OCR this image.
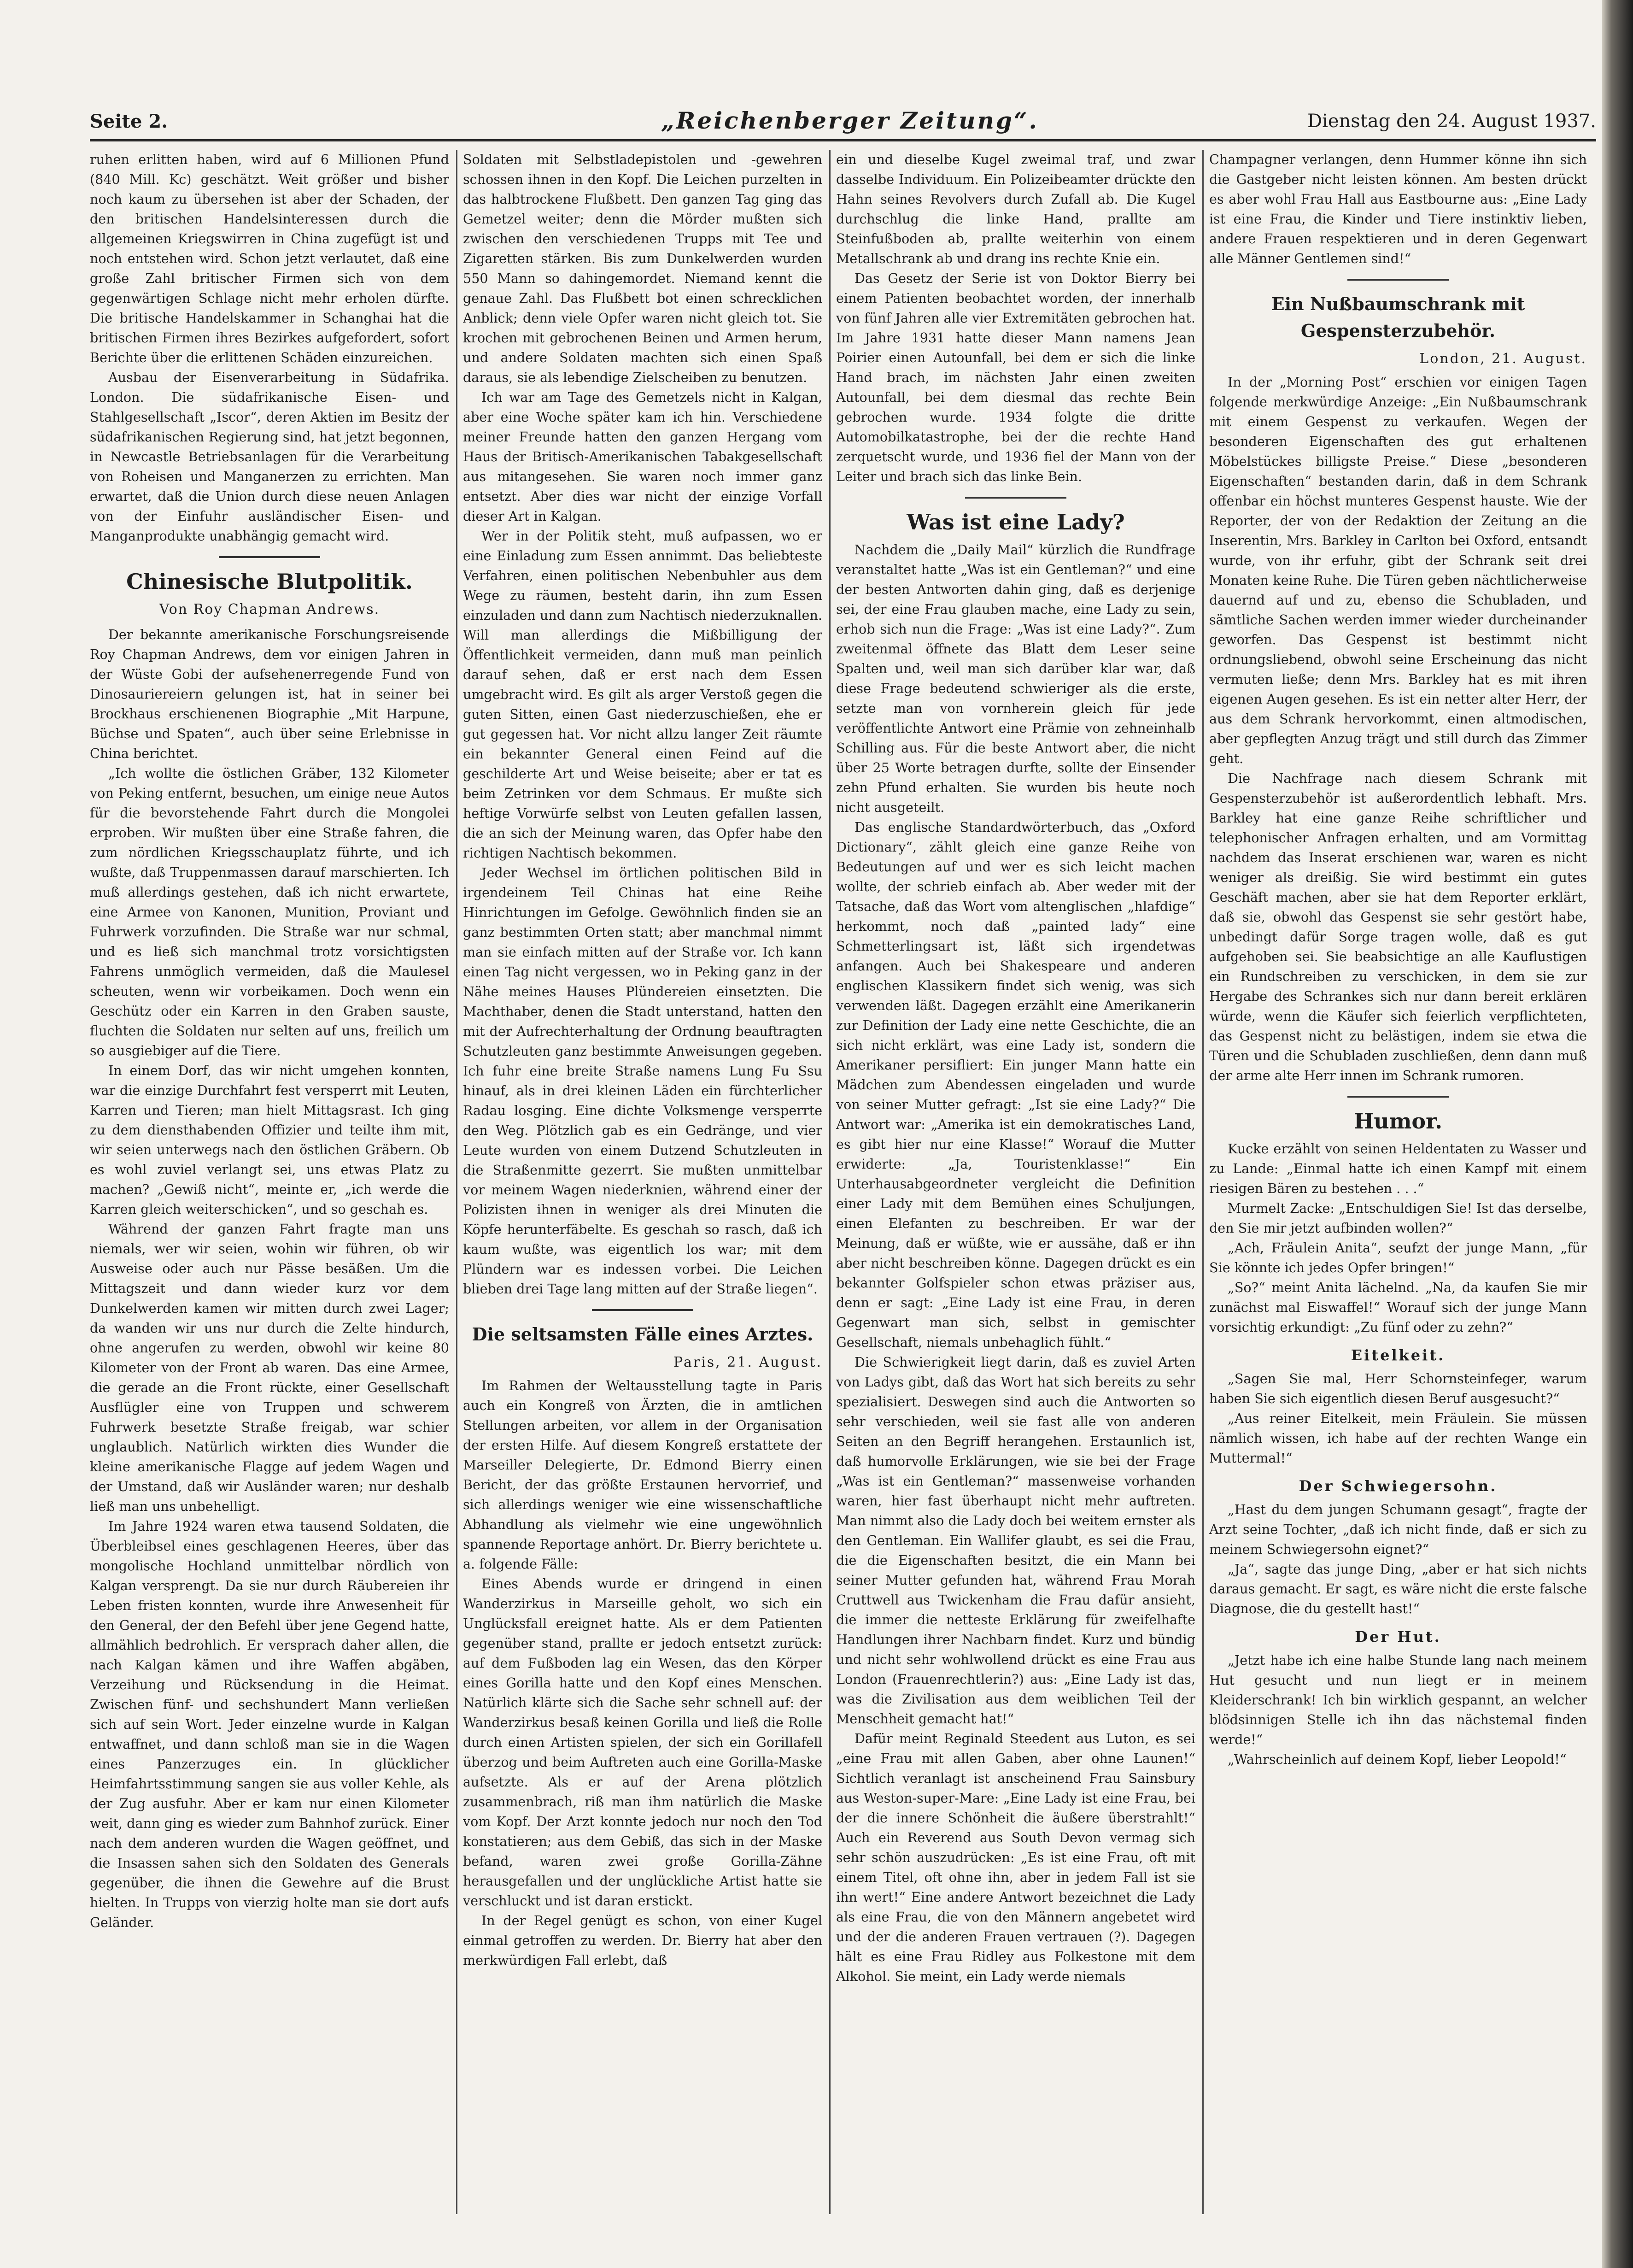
Seite 2.	„Reichenberger Zeitung“.	Dienstag den 24. August 1937.

ruhen erlitten haben, wird auf 6 Millionen Pfund (840 Mill. Kc) geschätzt. Weit größer und bisher noch kaum zu übersehen ist aber der Schaden, der den britischen Handelsinteressen durch die allgemeinen Kriegswirren in China zugefügt ist und noch entstehen wird. Schon jetzt verlautet, daß eine große Zahl britischer Firmen sich von dem gegenwärtigen Schlage nicht mehr erholen dürfte. Die britische Handelskammer in Schanghai hat die britischen Firmen ihres Bezirkes aufgefordert, sofort Berichte über die erlittenen Schäden einzureichen.

Ausbau der Eisenverarbeitung in Südafrika. London. Die südafrikanische Eisen- und Stahlgesellschaft „Iscor“, deren Aktien im Besitz der südafrikanischen Regierung sind, hat jetzt begonnen, in Newcastle Betriebsanlagen für die Verarbeitung von Roheisen und Manganerzen zu errichten. Man erwartet, daß die Union durch diese neuen Anlagen von der Einfuhr ausländischer Eisen- und Manganprodukte unabhängig gemacht wird.

Chinesische Blutpolitik.
Von Roy Chapman Andrews.

Der bekannte amerikanische Forschungsreisende Roy Chapman Andrews, dem vor einigen Jahren in der Wüste Gobi der aufsehenerregende Fund von Dinosauriereiern gelungen ist, hat in seiner bei Brockhaus erschienenen Biographie „Mit Harpune, Büchse und Spaten“, auch über seine Erlebnisse in China berichtet.

„Ich wollte die östlichen Gräber, 132 Kilometer von Peking entfernt, besuchen, um einige neue Autos für die bevorstehende Fahrt durch die Mongolei erproben. Wir mußten über eine Straße fahren, die zum nördlichen Kriegsschauplatz führte, und ich wußte, daß Truppenmassen darauf marschierten. Ich muß allerdings gestehen, daß ich nicht erwartete, eine Armee von Kanonen, Munition, Proviant und Fuhrwerk vorzufinden. Die Straße war nur schmal, und es ließ sich manchmal trotz vorsichtigsten Fahrens unmöglich vermeiden, daß die Maulesel scheuten, wenn wir vorbeikamen. Doch wenn ein Geschütz oder ein Karren in den Graben sauste, fluchten die Soldaten nur selten auf uns, freilich um so ausgiebiger auf die Tiere.

In einem Dorf, das wir nicht umgehen konnten, war die einzige Durchfahrt fest versperrt mit Leuten, Karren und Tieren; man hielt Mittagsrast. Ich ging zu dem diensthabenden Offizier und teilte ihm mit, wir seien unterwegs nach den östlichen Gräbern. Ob es wohl zuviel verlangt sei, uns etwas Platz zu machen? „Gewiß nicht“, meinte er, „ich werde die Karren gleich weiterschicken“, und so geschah es.

Während der ganzen Fahrt fragte man uns niemals, wer wir seien, wohin wir führen, ob wir Ausweise oder auch nur Pässe besäßen. Um die Mittagszeit und dann wieder kurz vor dem Dunkelwerden kamen wir mitten durch zwei Lager; da wanden wir uns nur durch die Zelte hindurch, ohne angerufen zu werden, obwohl wir keine 80 Kilometer von der Front ab waren. Das eine Armee, die gerade an die Front rückte, einer Gesellschaft Ausflügler eine von Truppen und schwerem Fuhrwerk besetzte Straße freigab, war schier unglaublich. Natürlich wirkten dies Wunder die kleine amerikanische Flagge auf jedem Wagen und der Umstand, daß wir Ausländer waren; nur deshalb ließ man uns unbehelligt.

Im Jahre 1924 waren etwa tausend Soldaten, die Überbleibsel eines geschlagenen Heeres, über das mongolische Hochland unmittelbar nördlich von Kalgan versprengt. Da sie nur durch Räubereien ihr Leben fristen konnten, wurde ihre Anwesenheit für den General, der den Befehl über jene Gegend hatte, allmählich bedrohlich. Er versprach daher allen, die nach Kalgan kämen und ihre Waffen abgäben, Verzeihung und Rücksendung in die Heimat. Zwischen fünf- und sechshundert Mann verließen sich auf sein Wort. Jeder einzelne wurde in Kalgan entwaffnet, und dann schloß man sie in die Wagen eines Panzerzuges ein. In glücklicher Heimfahrtsstimmung sangen sie aus voller Kehle, als der Zug ausfuhr. Aber er kam nur einen Kilometer weit, dann ging es wieder zum Bahnhof zurück. Einer nach dem anderen wurden die Wagen geöffnet, und die Insassen sahen sich den Soldaten des Generals gegenüber, die ihnen die Gewehre auf die Brust hielten. In Trupps von vierzig holte man sie dort aufs Geländer.

Soldaten mit Selbstladepistolen und -gewehren schossen ihnen in den Kopf. Die Leichen purzelten in das halbtrockene Flußbett. Den ganzen Tag ging das Gemetzel weiter; denn die Mörder mußten sich zwischen den verschiedenen Trupps mit Tee und Zigaretten stärken. Bis zum Dunkelwerden wurden 550 Mann so dahingemordet. Niemand kennt die genaue Zahl. Das Flußbett bot einen schrecklichen Anblick; denn viele Opfer waren nicht gleich tot. Sie krochen mit gebrochenen Beinen und Armen herum, und andere Soldaten machten sich einen Spaß daraus, sie als lebendige Zielscheiben zu benutzen.

Ich war am Tage des Gemetzels nicht in Kalgan, aber eine Woche später kam ich hin. Verschiedene meiner Freunde hatten den ganzen Hergang vom Haus der Britisch-Amerikanischen Tabakgesellschaft aus mitangesehen. Sie waren noch immer ganz entsetzt. Aber dies war nicht der einzige Vorfall dieser Art in Kalgan.

Wer in der Politik steht, muß aufpassen, wo er eine Einladung zum Essen annimmt. Das beliebteste Verfahren, einen politischen Nebenbuhler aus dem Wege zu räumen, besteht darin, ihn zum Essen einzuladen und dann zum Nachtisch niederzuknallen. Will man allerdings die Mißbilligung der Öffentlichkeit vermeiden, dann muß man peinlich darauf sehen, daß er erst nach dem Essen umgebracht wird. Es gilt als arger Verstoß gegen die guten Sitten, einen Gast niederzuschießen, ehe er gut gegessen hat. Vor nicht allzu langer Zeit räumte ein bekannter General einen Feind auf die geschilderte Art und Weise beiseite; aber er tat es beim Zetrinken vor dem Schmaus. Er mußte sich heftige Vorwürfe selbst von Leuten gefallen lassen, die an sich der Meinung waren, das Opfer habe den richtigen Nachtisch bekommen.

Jeder Wechsel im örtlichen politischen Bild in irgendeinem Teil Chinas hat eine Reihe Hinrichtungen im Gefolge. Gewöhnlich finden sie an ganz bestimmten Orten statt; aber manchmal nimmt man sie einfach mitten auf der Straße vor. Ich kann einen Tag nicht vergessen, wo in Peking ganz in der Nähe meines Hauses Plündereien einsetzten. Die Machthaber, denen die Stadt unterstand, hatten den mit der Aufrechterhaltung der Ordnung beauftragten Schutzleuten ganz bestimmte Anweisungen gegeben. Ich fuhr eine breite Straße namens Lung Fu Ssu hinauf, als in drei kleinen Läden ein fürchterlicher Radau losging. Eine dichte Volksmenge versperrte den Weg. Plötzlich gab es ein Gedränge, und vier Leute wurden von einem Dutzend Schutzleuten in die Straßenmitte gezerrt. Sie mußten unmittelbar vor meinem Wagen niederknien, während einer der Polizisten ihnen in weniger als drei Minuten die Köpfe herunterfäbelte. Es geschah so rasch, daß ich kaum wußte, was eigentlich los war; mit dem Plündern war es indessen vorbei. Die Leichen blieben drei Tage lang mitten auf der Straße liegen“.

Die seltsamsten Fälle eines Arztes.
Paris, 21. August.

Im Rahmen der Weltausstellung tagte in Paris auch ein Kongreß von Ärzten, die in amtlichen Stellungen arbeiten, vor allem in der Organisation der ersten Hilfe. Auf diesem Kongreß erstattete der Marseiller Delegierte, Dr. Edmond Bierry einen Bericht, der das größte Erstaunen hervorrief, und sich allerdings weniger wie eine wissenschaftliche Abhandlung als vielmehr wie eine ungewöhnlich spannende Reportage anhört. Dr. Bierry berichtete u. a. folgende Fälle:

Eines Abends wurde er dringend in einen Wanderzirkus in Marseille geholt, wo sich ein Unglücksfall ereignet hatte. Als er dem Patienten gegenüber stand, prallte er jedoch entsetzt zurück: auf dem Fußboden lag ein Wesen, das den Körper eines Gorilla hatte und den Kopf eines Menschen. Natürlich klärte sich die Sache sehr schnell auf: der Wanderzirkus besaß keinen Gorilla und ließ die Rolle durch einen Artisten spielen, der sich ein Gorillafell überzog und beim Auftreten auch eine Gorilla-Maske aufsetzte. Als er auf der Arena plötzlich zusammenbrach, riß man ihm natürlich die Maske vom Kopf. Der Arzt konnte jedoch nur noch den Tod konstatieren; aus dem Gebiß, das sich in der Maske befand, waren zwei große Gorilla-Zähne herausgefallen und der unglückliche Artist hatte sie verschluckt und ist daran erstickt.

In der Regel genügt es schon, von einer Kugel einmal getroffen zu werden. Dr. Bierry hat aber den merkwürdigen Fall erlebt, daß

ein und dieselbe Kugel zweimal traf, und zwar dasselbe Individuum. Ein Polizeibeamter drückte den Hahn seines Revolvers durch Zufall ab. Die Kugel durchschlug die linke Hand, prallte am Steinfußboden ab, prallte weiterhin von einem Metallschrank ab und drang ins rechte Knie ein.

Das Gesetz der Serie ist von Doktor Bierry bei einem Patienten beobachtet worden, der innerhalb von fünf Jahren alle vier Extremitäten gebrochen hat. Im Jahre 1931 hatte dieser Mann namens Jean Poirier einen Autounfall, bei dem er sich die linke Hand brach, im nächsten Jahr einen zweiten Autounfall, bei dem diesmal das rechte Bein gebrochen wurde. 1934 folgte die dritte Automobilkatastrophe, bei der die rechte Hand zerquetscht wurde, und 1936 fiel der Mann von der Leiter und brach sich das linke Bein.

Was ist eine Lady?

Nachdem die „Daily Mail“ kürzlich die Rundfrage veranstaltet hatte „Was ist ein Gentleman?“ und eine der besten Antworten dahin ging, daß es derjenige sei, der eine Frau glauben mache, eine Lady zu sein, erhob sich nun die Frage: „Was ist eine Lady?“. Zum zweitenmal öffnete das Blatt dem Leser seine Spalten und, weil man sich darüber klar war, daß diese Frage bedeutend schwieriger als die erste, setzte man von vornherein gleich für jede veröffentlichte Antwort eine Prämie von zehneinhalb Schilling aus. Für die beste Antwort aber, die nicht über 25 Worte betragen durfte, sollte der Einsender zehn Pfund erhalten. Sie wurden bis heute noch nicht ausgeteilt.

Das englische Standardwörterbuch, das „Oxford Dictionary“, zählt gleich eine ganze Reihe von Bedeutungen auf und wer es sich leicht machen wollte, der schrieb einfach ab. Aber weder mit der Tatsache, daß das Wort vom altenglischen „hlafdige“ herkommt, noch daß „painted lady“ eine Schmetterlingsart ist, läßt sich irgendetwas anfangen. Auch bei Shakespeare und anderen englischen Klassikern findet sich wenig, was sich verwenden läßt. Dagegen erzählt eine Amerikanerin zur Definition der Lady eine nette Geschichte, die an sich nicht erklärt, was eine Lady ist, sondern die Amerikaner persifliert: Ein junger Mann hatte ein Mädchen zum Abendessen eingeladen und wurde von seiner Mutter gefragt: „Ist sie eine Lady?“ Die Antwort war: „Amerika ist ein demokratisches Land, es gibt hier nur eine Klasse!“ Worauf die Mutter erwiderte: „Ja, Touristenklasse!“ Ein Unterhausabgeordneter vergleicht die Definition einer Lady mit dem Bemühen eines Schuljungen, einen Elefanten zu beschreiben. Er war der Meinung, daß er wüßte, wie er aussähe, daß er ihn aber nicht beschreiben könne. Dagegen drückt es ein bekannter Golfspieler schon etwas präziser aus, denn er sagt: „Eine Lady ist eine Frau, in deren Gegenwart man sich, selbst in gemischter Gesellschaft, niemals unbehaglich fühlt.“

Die Schwierigkeit liegt darin, daß es zuviel Arten von Ladys gibt, daß das Wort hat sich bereits zu sehr spezialisiert. Deswegen sind auch die Antworten so sehr verschieden, weil sie fast alle von anderen Seiten an den Begriff herangehen. Erstaunlich ist, daß humorvolle Erklärungen, wie sie bei der Frage „Was ist ein Gentleman?“ massenweise vorhanden waren, hier fast überhaupt nicht mehr auftreten. Man nimmt also die Lady doch bei weitem ernster als den Gentleman. Ein Wallifer glaubt, es sei die Frau, die die Eigenschaften besitzt, die ein Mann bei seiner Mutter gefunden hat, während Frau Morah Cruttwell aus Twickenham die Frau dafür ansieht, die immer die netteste Erklärung für zweifelhafte Handlungen ihrer Nachbarn findet. Kurz und bündig und nicht sehr wohlwollend drückt es eine Frau aus London (Frauenrechtlerin?) aus: „Eine Lady ist das, was die Zivilisation aus dem weiblichen Teil der Menschheit gemacht hat!“

Dafür meint Reginald Steedent aus Luton, es sei „eine Frau mit allen Gaben, aber ohne Launen!“ Sichtlich veranlagt ist anscheinend Frau Sainsbury aus Weston-super-Mare: „Eine Lady ist eine Frau, bei der die innere Schönheit die äußere überstrahlt!“ Auch ein Reverend aus South Devon vermag sich sehr schön auszudrücken: „Es ist eine Frau, oft mit einem Titel, oft ohne ihn, aber in jedem Fall ist sie ihn wert!“ Eine andere Antwort bezeichnet die Lady als eine Frau, die von den Männern angebetet wird und der die anderen Frauen vertrauen (?). Dagegen hält es eine Frau Ridley aus Folkestone mit dem Alkohol. Sie meint, ein Lady werde niemals

Champagner verlangen, denn Hummer könne ihn sich die Gastgeber nicht leisten können. Am besten drückt es aber wohl Frau Hall aus Eastbourne aus: „Eine Lady ist eine Frau, die Kinder und Tiere instinktiv lieben, andere Frauen respektieren und in deren Gegenwart alle Männer Gentlemen sind!“

Ein Nußbaumschrank mit Gespensterzubehör.
London, 21. August.

In der „Morning Post“ erschien vor einigen Tagen folgende merkwürdige Anzeige: „Ein Nußbaumschrank mit einem Gespenst zu verkaufen. Wegen der besonderen Eigenschaften des gut erhaltenen Möbelstückes billigste Preise.“ Diese „besonderen Eigenschaften“ bestanden darin, daß in dem Schrank offenbar ein höchst munteres Gespenst hauste. Wie der Reporter, der von der Redaktion der Zeitung an die Inserentin, Mrs. Barkley in Carlton bei Oxford, entsandt wurde, von ihr erfuhr, gibt der Schrank seit drei Monaten keine Ruhe. Die Türen geben nächtlicherweise dauernd auf und zu, ebenso die Schubladen, und sämtliche Sachen werden immer wieder durcheinander geworfen. Das Gespenst ist bestimmt nicht ordnungsliebend, obwohl seine Erscheinung das nicht vermuten ließe; denn Mrs. Barkley hat es mit ihren eigenen Augen gesehen. Es ist ein netter alter Herr, der aus dem Schrank hervorkommt, einen altmodischen, aber gepflegten Anzug trägt und still durch das Zimmer geht.

Die Nachfrage nach diesem Schrank mit Gespensterzubehör ist außerordentlich lebhaft. Mrs. Barkley hat eine ganze Reihe schriftlicher und telephonischer Anfragen erhalten, und am Vormittag nachdem das Inserat erschienen war, waren es nicht weniger als dreißig. Sie wird bestimmt ein gutes Geschäft machen, aber sie hat dem Reporter erklärt, daß sie, obwohl das Gespenst sie sehr gestört habe, unbedingt dafür Sorge tragen wolle, daß es gut aufgehoben sei. Sie beabsichtige an alle Kauflustigen ein Rundschreiben zu verschicken, in dem sie zur Hergabe des Schrankes sich nur dann bereit erklären würde, wenn die Käufer sich feierlich verpflichteten, das Gespenst nicht zu belästigen, indem sie etwa die Türen und die Schubladen zuschließen, denn dann muß der arme alte Herr innen im Schrank rumoren.

Humor.

Kucke erzählt von seinen Heldentaten zu Wasser und zu Lande: „Einmal hatte ich einen Kampf mit einem riesigen Bären zu bestehen . . .“

Murmelt Zacke: „Entschuldigen Sie! Ist das derselbe, den Sie mir jetzt aufbinden wollen?“

„Ach, Fräulein Anita“, seufzt der junge Mann, „für Sie könnte ich jedes Opfer bringen!“

„So?“ meint Anita lächelnd. „Na, da kaufen Sie mir zunächst mal Eiswaffel!“ Worauf sich der junge Mann vorsichtig erkundigt: „Zu fünf oder zu zehn?“

Eitelkeit.

„Sagen Sie mal, Herr Schornsteinfeger, warum haben Sie sich eigentlich diesen Beruf ausgesucht?“

„Aus reiner Eitelkeit, mein Fräulein. Sie müssen nämlich wissen, ich habe auf der rechten Wange ein Muttermal!“

Der Schwiegersohn.

„Hast du dem jungen Schumann gesagt“, fragte der Arzt seine Tochter, „daß ich nicht finde, daß er sich zu meinem Schwiegersohn eignet?“

„Ja“, sagte das junge Ding, „aber er hat sich nichts daraus gemacht. Er sagt, es wäre nicht die erste falsche Diagnose, die du gestellt hast!“

Der Hut.

„Jetzt habe ich eine halbe Stunde lang nach meinem Hut gesucht und nun liegt er in meinem Kleiderschrank! Ich bin wirklich gespannt, an welcher blödsinnigen Stelle ich ihn das nächstemal finden werde!“

„Wahrscheinlich auf deinem Kopf, lieber Leopold!“
